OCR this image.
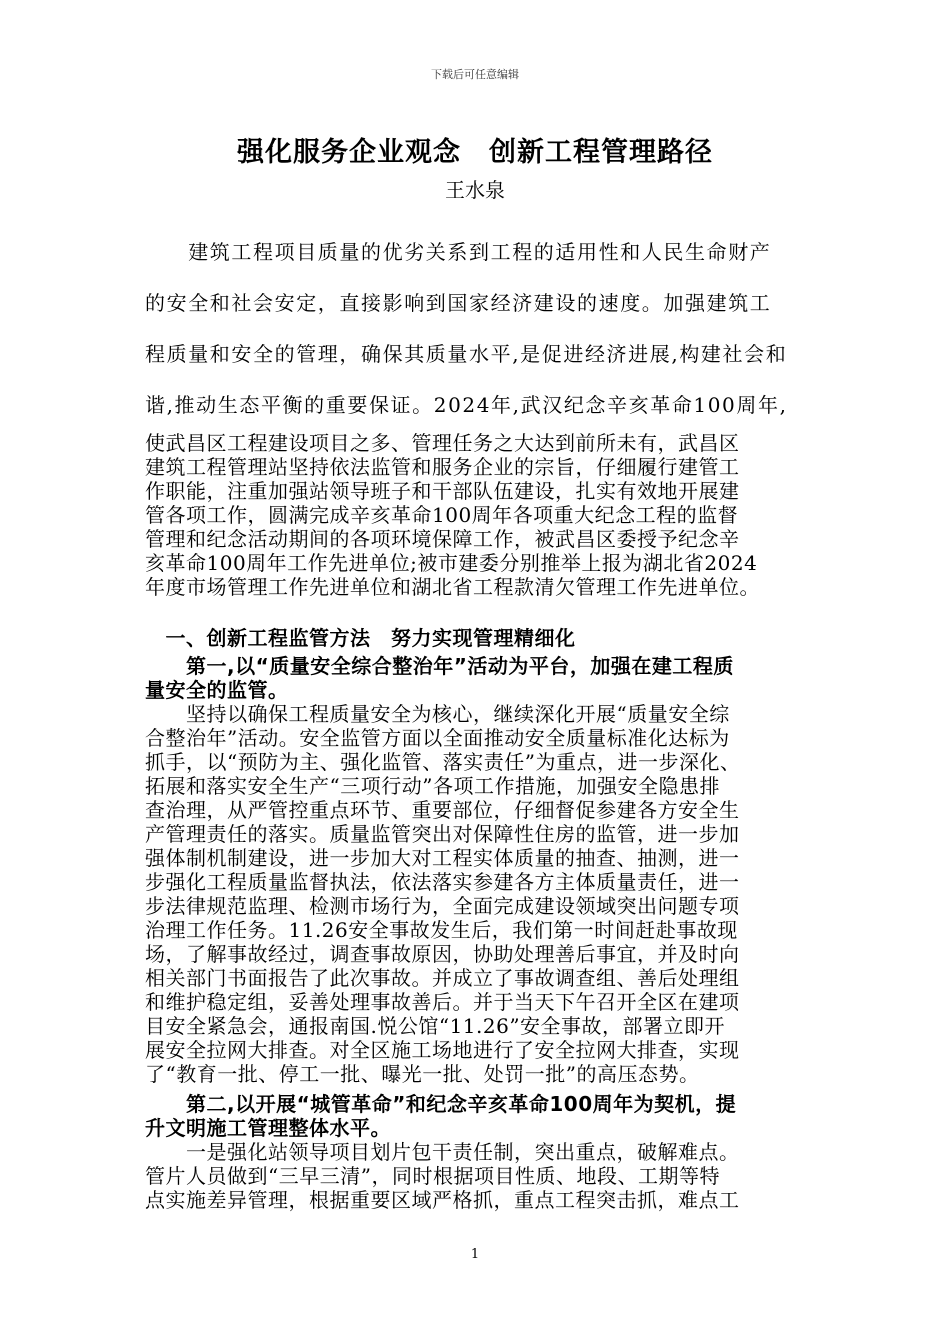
下载后可任意编辑
强化服务企业观念　创新工程管理路径
王水泉
　　建筑工程项目质量的优劣关系到工程的适用性和人民生命财产
的安全和社会安定，直接影响到国家经济建设的速度。加强建筑工
程质量和安全的管理，确保其质量水平,是促进经济进展,构建社会和
谐,推动生态平衡的重要保证。2024年,武汉纪念辛亥革命100周年,
使武昌区工程建设项目之多、管理任务之大达到前所未有，武昌区
建筑工程管理站坚持依法监管和服务企业的宗旨，仔细履行建管工
作职能，注重加强站领导班子和干部队伍建设，扎实有效地开展建
管各项工作，圆满完成辛亥革命100周年各项重大纪念工程的监督
管理和纪念活动期间的各项环境保障工作，被武昌区委授予纪念辛
亥革命100周年工作先进单位;被市建委分别推举上报为湖北省2024
年度市场管理工作先进单位和湖北省工程款清欠管理工作先进单位。
　一、创新工程监管方法　努力实现管理精细化
　　第一,以“质量安全综合整治年”活动为平台，加强在建工程质
量安全的监管。
　　坚持以确保工程质量安全为核心，继续深化开展“质量安全综
合整治年”活动。安全监管方面以全面推动安全质量标准化达标为
抓手，以“预防为主、强化监管、落实责任”为重点，进一步深化、
拓展和落实安全生产“三项行动”各项工作措施，加强安全隐患排
查治理，从严管控重点环节、重要部位，仔细督促参建各方安全生
产管理责任的落实。质量监管突出对保障性住房的监管，进一步加
强体制机制建设，进一步加大对工程实体质量的抽查、抽测，进一
步强化工程质量监督执法，依法落实参建各方主体质量责任，进一
步法律规范监理、检测市场行为，全面完成建设领域突出问题专项
治理工作任务。11.26安全事故发生后，我们第一时间赶赴事故现
场，了解事故经过，调查事故原因，协助处理善后事宜，并及时向
相关部门书面报告了此次事故。并成立了事故调查组、善后处理组
和维护稳定组，妥善处理事故善后。并于当天下午召开全区在建项
目安全紧急会，通报南国.悦公馆“11.26”安全事故，部署立即开
展安全拉网大排查。对全区施工场地进行了安全拉网大排查，实现
了“教育一批、停工一批、曝光一批、处罚一批”的高压态势。
　　第二,以开展“城管革命”和纪念辛亥革命100周年为契机，提
升文明施工管理整体水平。
　　一是强化站领导项目划片包干责任制，突出重点，破解难点。
管片人员做到“三早三清”，同时根据项目性质、地段、工期等特
点实施差异管理，根据重要区域严格抓，重点工程突击抓，难点工
1
